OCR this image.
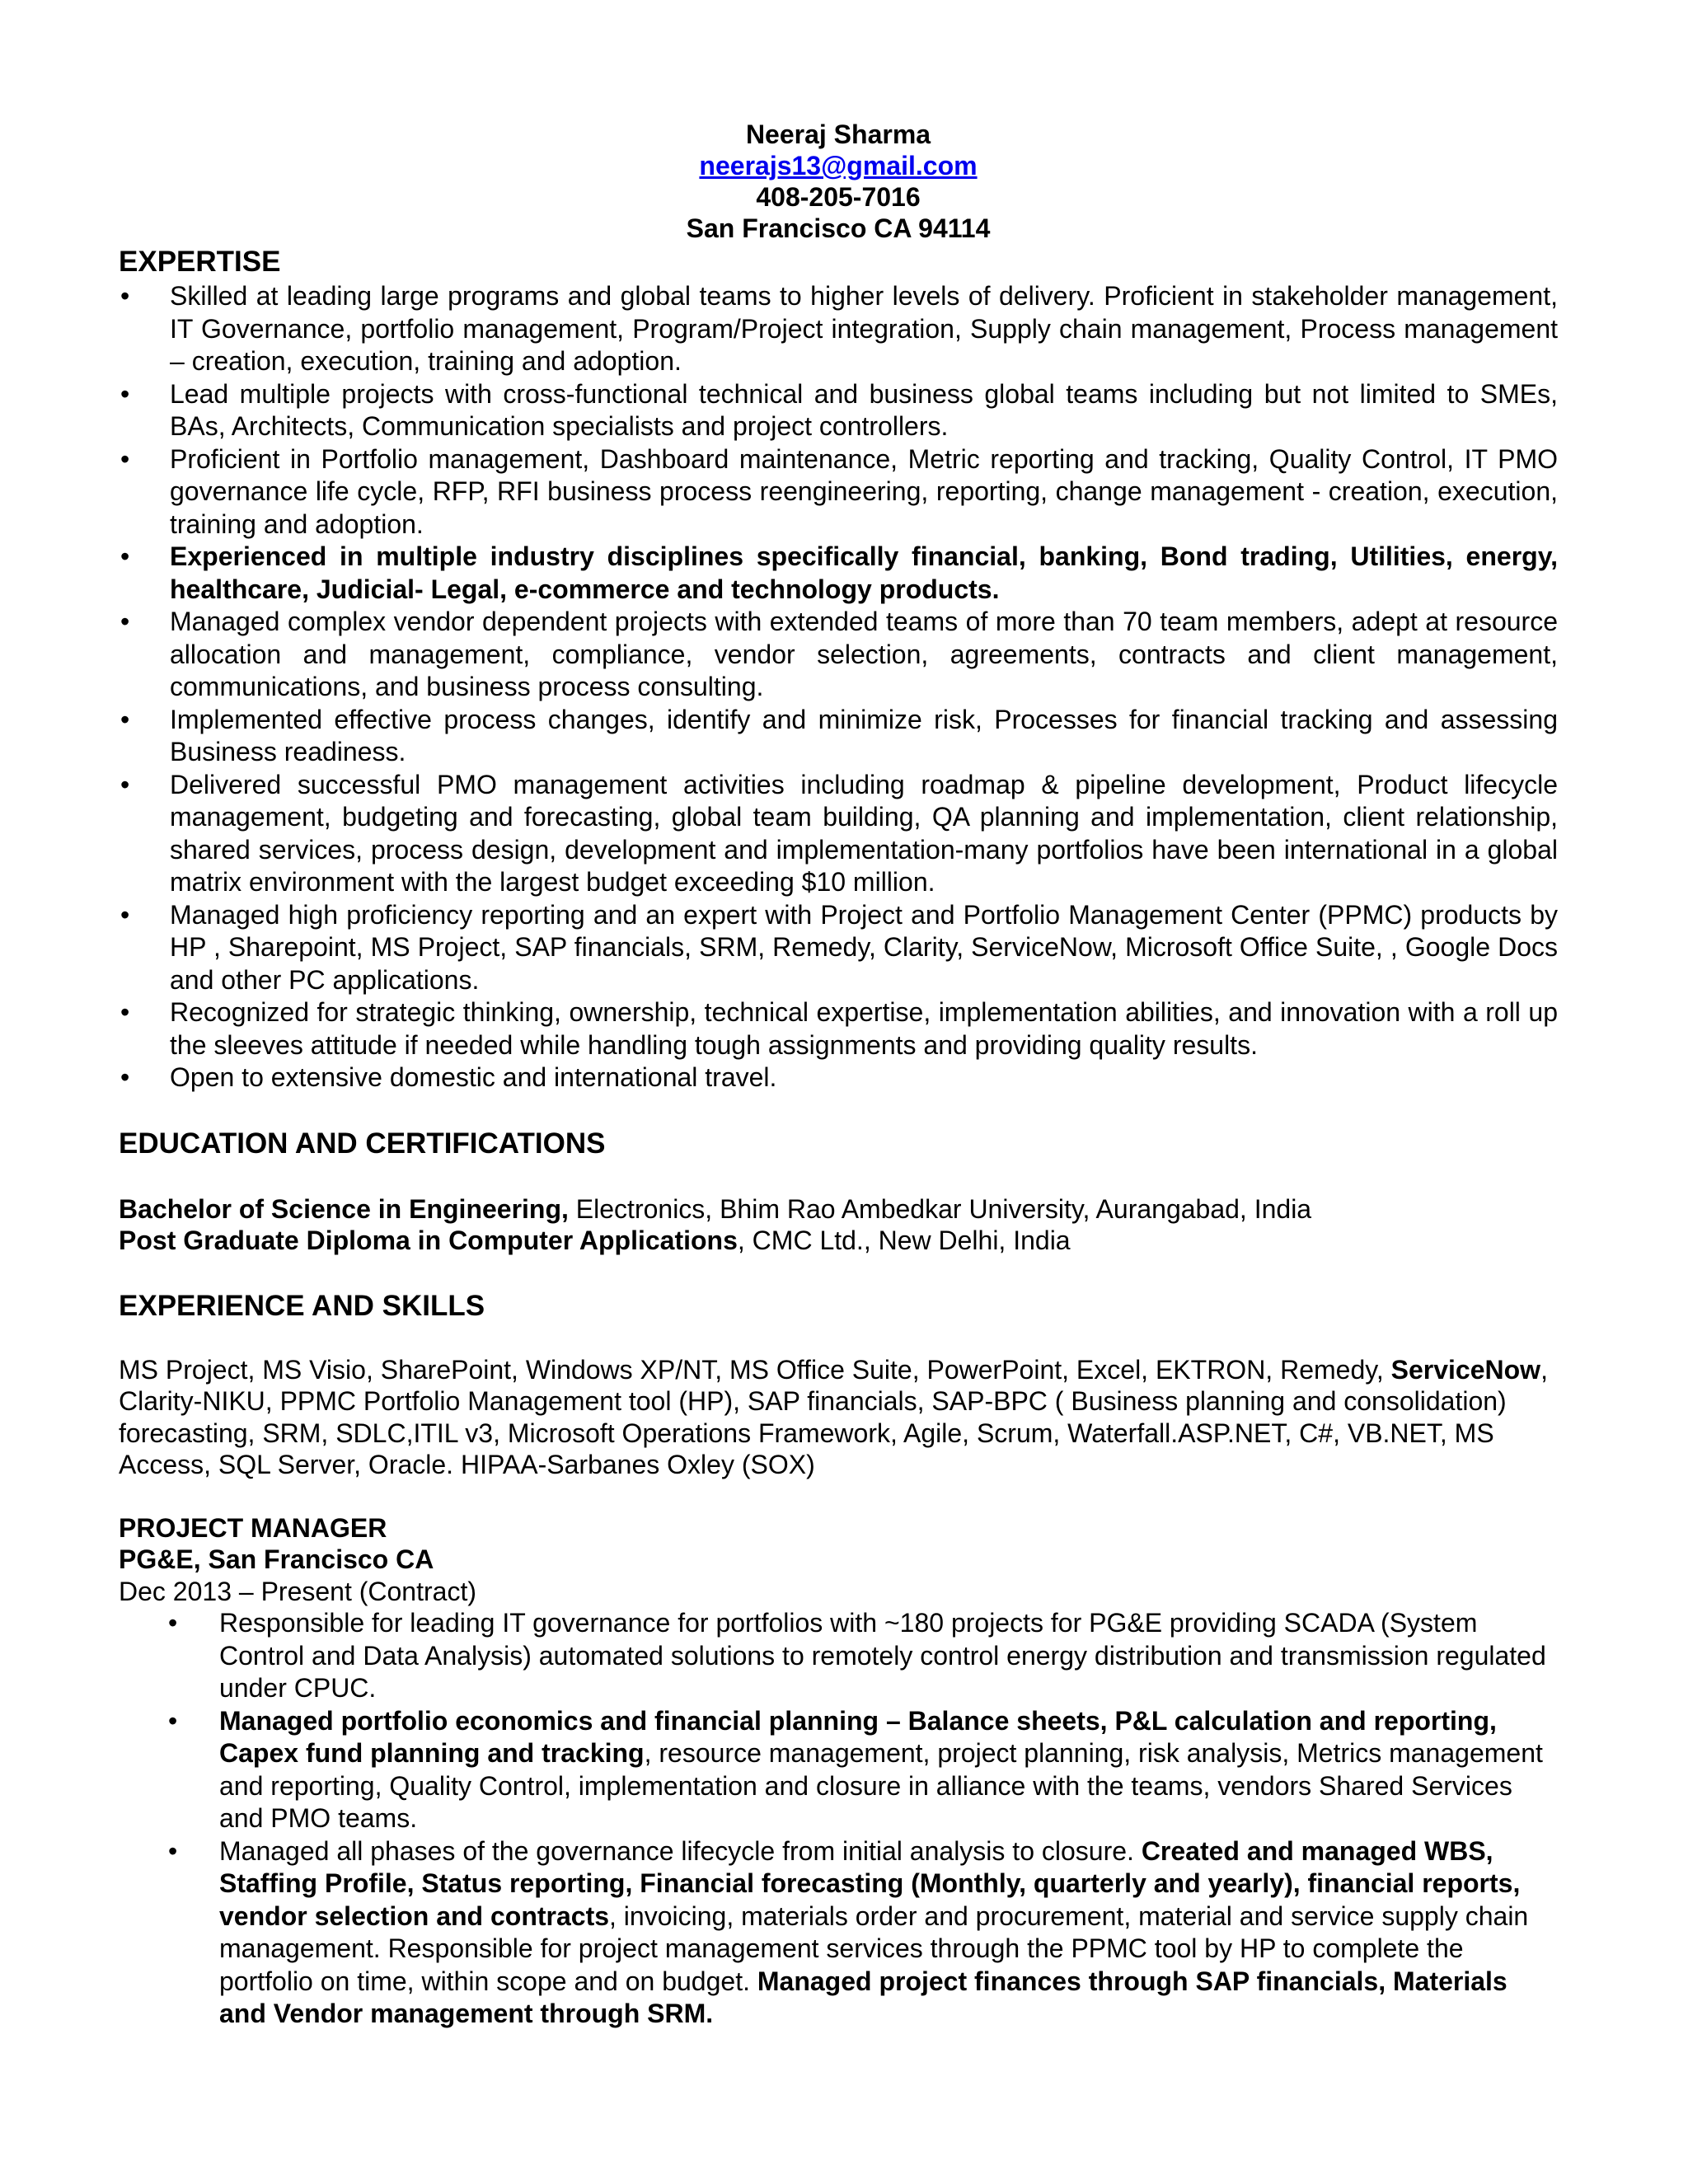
Neeraj Sharma
neerajs13@gmail.com
408-205-7016
San Francisco CA 94114
EXPERTISE
•	Skilled at leading large programs and global teams to higher levels of delivery. Proficient in stakeholder management, IT Governance, portfolio management, Program/Project integration, Supply chain management, Process management – creation, execution, training and adoption.
•	Lead multiple projects with cross-functional technical and business global teams including but not limited to SMEs, BAs, Architects, Communication specialists and project controllers.
•	Proficient in Portfolio management, Dashboard maintenance, Metric reporting and tracking, Quality Control, IT PMO governance life cycle, RFP, RFI business process reengineering, reporting, change management - creation, execution, training and adoption.
•	Experienced in multiple industry disciplines specifically financial, banking, Bond trading, Utilities, energy, healthcare, Judicial- Legal, e-commerce and technology products.
•	Managed complex vendor dependent projects with extended teams of more than 70 team members, adept at resource allocation and management, compliance, vendor selection, agreements, contracts and client management, communications, and business process consulting.
•	Implemented effective process changes, identify and minimize risk, Processes for financial tracking and assessing Business readiness.
•	Delivered successful PMO management activities including roadmap & pipeline development, Product lifecycle management, budgeting and forecasting, global team building, QA planning and implementation, client relationship, shared services, process design, development and implementation-many portfolios have been international in a global matrix environment with the largest budget exceeding $10 million.
•	Managed high proficiency reporting and an expert with Project and Portfolio Management Center (PPMC) products by HP , Sharepoint, MS Project, SAP financials, SRM, Remedy, Clarity, ServiceNow, Microsoft Office Suite, , Google Docs and other PC applications.
•	Recognized for strategic thinking, ownership, technical expertise, implementation abilities, and innovation with a roll up the sleeves attitude if needed while handling tough assignments and providing quality results.
•	Open to extensive domestic and international travel.
EDUCATION AND CERTIFICATIONS
Bachelor of Science in Engineering, Electronics, Bhim Rao Ambedkar University, Aurangabad, India
Post Graduate Diploma in Computer Applications, CMC Ltd., New Delhi, India
EXPERIENCE AND SKILLS
MS Project, MS Visio, SharePoint, Windows XP/NT, MS Office Suite, PowerPoint, Excel, EKTRON, Remedy, ServiceNow, Clarity-NIKU, PPMC Portfolio Management tool (HP), SAP financials, SAP-BPC ( Business planning and consolidation) forecasting, SRM, SDLC,ITIL v3, Microsoft Operations Framework, Agile, Scrum, Waterfall.ASP.NET, C#, VB.NET, MS Access, SQL Server, Oracle. HIPAA-Sarbanes Oxley (SOX)
PROJECT MANAGER
PG&E, San Francisco CA
Dec 2013 – Present (Contract)
•	Responsible for leading IT governance for portfolios with ~180 projects for PG&E providing SCADA (System Control and Data Analysis) automated solutions to remotely control energy distribution and transmission regulated under CPUC.
•	Managed portfolio economics and financial planning – Balance sheets, P&L calculation and reporting, Capex fund planning and tracking, resource management, project planning, risk analysis, Metrics management and reporting, Quality Control, implementation and closure in alliance with the teams, vendors Shared Services and PMO teams.
•	Managed all phases of the governance lifecycle from initial analysis to closure. Created and managed WBS, Staffing Profile, Status reporting, Financial forecasting (Monthly, quarterly and yearly), financial reports, vendor selection and contracts, invoicing, materials order and procurement, material and service supply chain management. Responsible for project management services through the PPMC tool by HP to complete the portfolio on time, within scope and on budget. Managed project finances through SAP financials, Materials and Vendor management through SRM.
